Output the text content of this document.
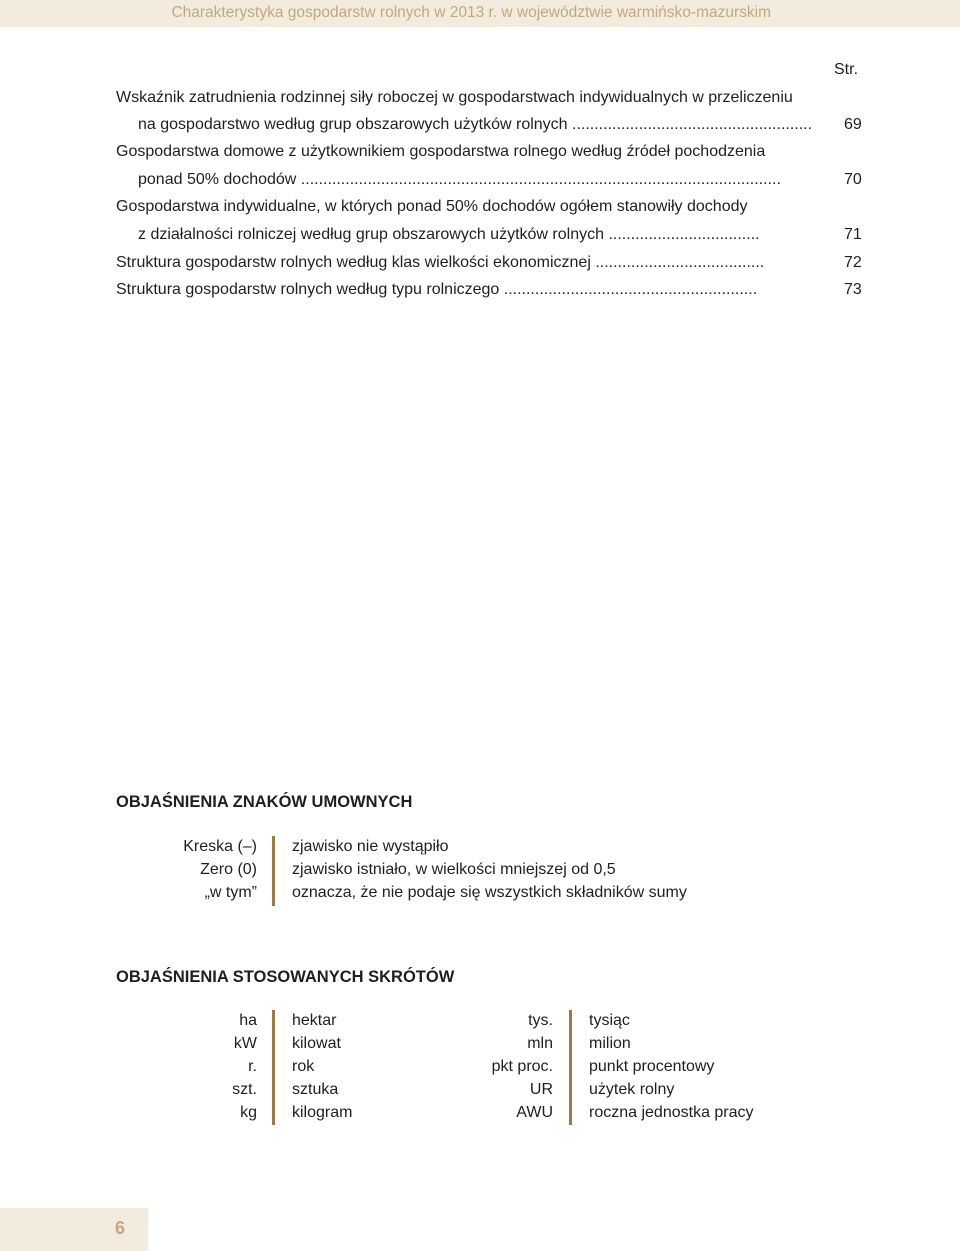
Charakterystyka gospodarstw rolnych w 2013 r. w województwie warmińsko-mazurskim
Str.
Wskaźnik zatrudnienia rodzinnej siły roboczej w gospodarstwach indywidualnych w przeliczeniu
na gospodarstwo według grup obszarowych użytków rolnych ......................................................	69
Gospodarstwa domowe z użytkownikiem gospodarstwa rolnego według źródeł pochodzenia
ponad 50% dochodów ............................................................................................................	70
Gospodarstwa indywidualne, w których ponad 50% dochodów ogółem stanowiły dochody
z działalności rolniczej według grup obszarowych użytków rolnych ..................................	71
Struktura gospodarstw rolnych według klas wielkości ekonomicznej ......................................	72
Struktura gospodarstw rolnych według typu rolniczego .........................................................	73
OBJAŚNIENIA ZNAKÓW UMOWNYCH
Kreska (–) zjawisko nie wystąpiło
Zero (0) zjawisko istniało, w wielkości mniejszej od 0,5
„w tym” oznacza, że nie podaje się wszystkich składników sumy
OBJAŚNIENIA STOSOWANYCH SKRÓTÓW
ha hektar
kW kilowat
r. rok
szt. sztuka
kg kilogram
tys. tysiąc
mln milion
pkt proc. punkt procentowy
UR użytek rolny
AWU roczna jednostka pracy
6
